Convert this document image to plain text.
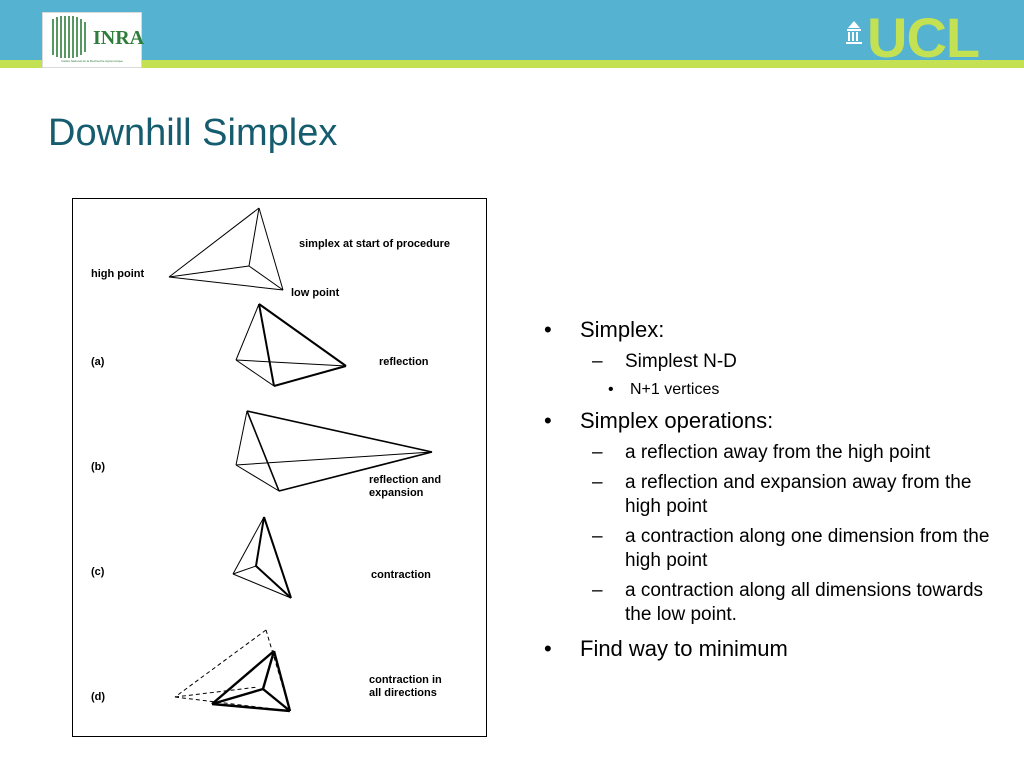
INRA
Institut National de la Recherche Agronomique	UCL
Downhill Simplex
simplex at start of procedure
high point
low point
(a)	reflection
(b)
reflection and
expansion
(c)	contraction
(d)
contraction in
all directions
• Simplex:
– Simplest N-D
• N+1 vertices
• Simplex operations:
– a reflection away from the high point
– a reflection and expansion away from the high point
– a contraction along one dimension from the high point
– a contraction along all dimensions towards the low point.
• Find way to minimum
